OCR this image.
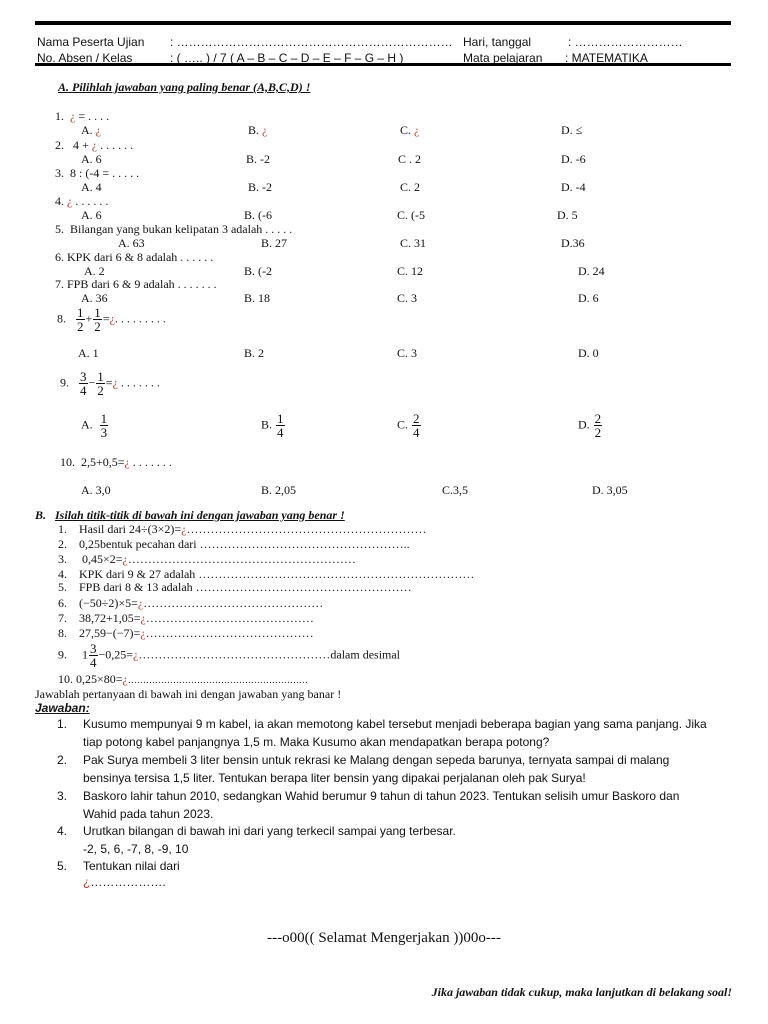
Nama Peserta Ujian : …………………………………………………………… Hari, tanggal	: ………………………
No. Absen / Kelas	: ( ….. ) / 7 ( A – B – C – D – E – F – G – H )	Mata pelajaran : MATEMATIKA
A. Pilihlah jawaban yang paling benar (A,B,C,D) !
1. ¿ = . . . .
A. ¿	B. ¿	C. ¿	D. ≤
2. 4 + ¿ . . . . . .
A. 6	B. -2	C . 2	D. -6
3. 8 : (-4 = . . . . .
A. 4	B. -2	C. 2	D. -4
4. ¿ . . . . . .
A. 6	B. (-6	C. (-5	D. 5
5. Bilangan yang bukan kelipatan 3 adalah . . . . .
A. 63	B. 27	C. 31	D.36
6. KPK dari 6 & 8 adalah . . . . . .
A. 2	B. (-2	C. 12	D. 24
7. FPB dari 6 & 9 adalah . . . . . . .
A. 36	B. 18	C. 3	D. 6
8. $\frac{1}{2} + \frac{1}{2}$ =¿. . . . . . . . .
A. 1	B. 2	C. 3	D. 0
9. $\frac{3}{4} - \frac{1}{2}$ =¿ . . . . . . .
A. $\frac{1}{3}$	B. $\frac{1}{4}$	C. $\frac{2}{4}$	D. $\frac{2}{2}$
10. 2,5+0,5=¿ . . . . . . .
A. 3,0	B. 2,05	C.3,5	D. 3,05
B. Isilah titik-titik di bawah ini dengan jawaban yang benar !
1. Hasil dari 24÷(3×2)=¿……………………………………………………
2. 0,25bentuk pecahan dari ……………………………………………..
3. 0,45×2=¿…………………………………………………
4. KPK dari 9 & 27 adalah ……………………………………………………………
5. FPB dari 8 & 13 adalah ………………………………………………
6. (−50÷2)×5=¿………………………………………
7. 38,72+1,05=¿……………………………………
8. 27,59−(−7)=¿……………………………………
9. $1 \frac{3}{4}$ −0,25=¿…………………………………………dalam desimal
10. 0,25×80=¿……………………………………………………
Jawablah pertanyaan di bawah ini dengan jawaban yang banar !
Jawaban:
1. Kusumo mempunyai 9 m kabel, ia akan memotong kabel tersebut menjadi beberapa bagian yang sama panjang. Jika tiap potong kabel panjangnya 1,5 m. Maka Kusumo akan mendapatkan berapa potong?
2. Pak Surya membeli 3 liter bensin untuk rekrasi ke Malang dengan sepeda barunya, ternyata sampai di malang bensinya tersisa 1,5 liter. Tentukan berapa liter bensin yang dipakai perjalanan oleh pak Surya!
3. Baskoro lahir tahun 2010, sedangkan Wahid berumur 9 tahun di tahun 2023. Tentukan selisih umur Baskoro dan Wahid pada tahun 2023.
4. Urutkan bilangan di bawah ini dari yang terkecil sampai yang terbesar.
-2, 5, 6, -7, 8, -9, 10
5. Tentukan nilai dari
¿……………….
---o00(( Selamat Mengerjakan ))00o---
Jika jawaban tidak cukup, maka lanjutkan di belakang soal!
